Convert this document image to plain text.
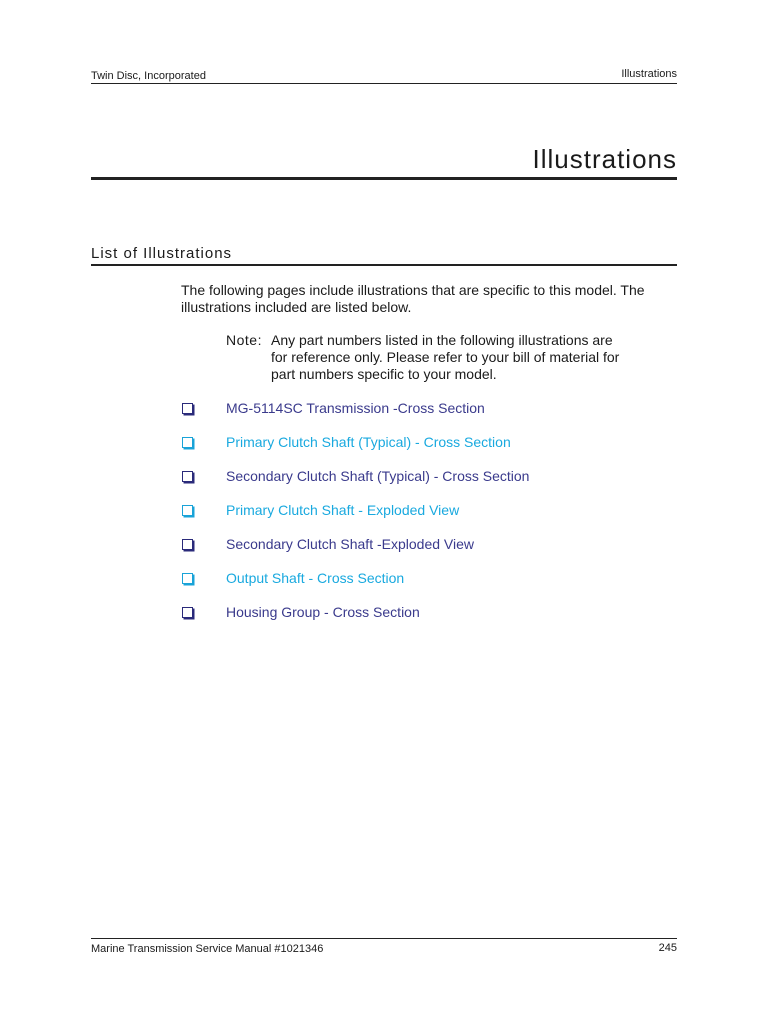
Twin Disc, Incorporated	Illustrations
Illustrations
List of Illustrations
The following pages include illustrations that are specific to this model. The illustrations included are listed below.
Note: Any part numbers listed in the following illustrations are
for reference only. Please refer to your bill of material for
part numbers specific to your model.
MG-5114SC Transmission -Cross Section
Primary Clutch Shaft (Typical) - Cross Section
Secondary Clutch Shaft (Typical) - Cross Section
Primary Clutch Shaft - Exploded View
Secondary Clutch Shaft -Exploded View
Output Shaft - Cross Section
Housing Group - Cross Section
Marine Transmission Service Manual #1021346	245
